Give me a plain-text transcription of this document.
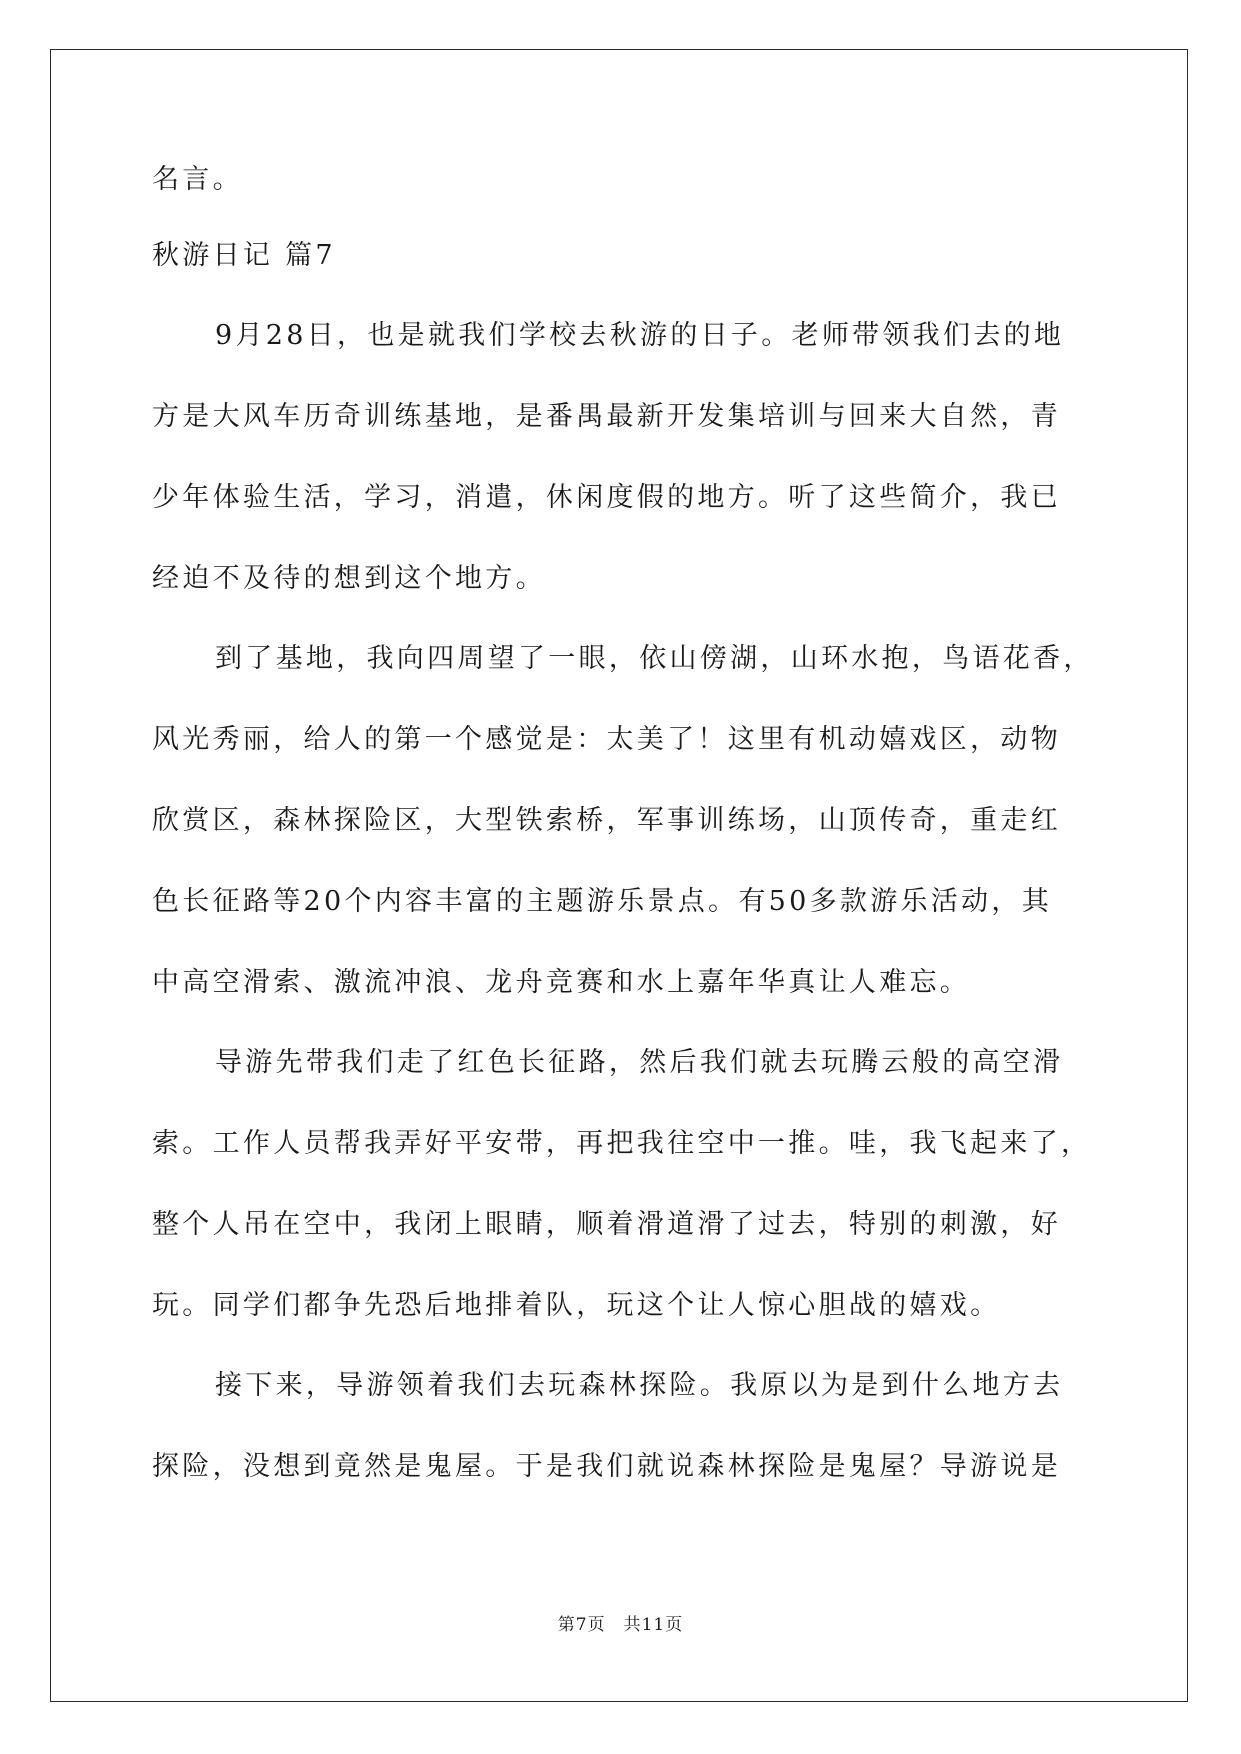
名言。

秋游日记 篇7

9月28日，也是就我们学校去秋游的日子。老师带领我们去的地

方是大风车历奇训练基地，是番禺最新开发集培训与回来大自然，青

少年体验生活，学习，消遣，休闲度假的地方。听了这些简介，我已

经迫不及待的想到这个地方。

到了基地，我向四周望了一眼，依山傍湖，山环水抱，鸟语花香，

风光秀丽，给人的第一个感觉是：太美了！这里有机动嬉戏区，动物

欣赏区，森林探险区，大型铁索桥，军事训练场，山顶传奇，重走红

色长征路等20个内容丰富的主题游乐景点。有50多款游乐活动，其

中高空滑索、激流冲浪、龙舟竞赛和水上嘉年华真让人难忘。

导游先带我们走了红色长征路，然后我们就去玩腾云般的高空滑

索。工作人员帮我弄好平安带，再把我往空中一推。哇，我飞起来了，

整个人吊在空中，我闭上眼睛，顺着滑道滑了过去，特别的刺激，好

玩。同学们都争先恐后地排着队，玩这个让人惊心胆战的嬉戏。

接下来，导游领着我们去玩森林探险。我原以为是到什么地方去

探险，没想到竟然是鬼屋。于是我们就说森林探险是鬼屋？导游说是

第7页　共11页
